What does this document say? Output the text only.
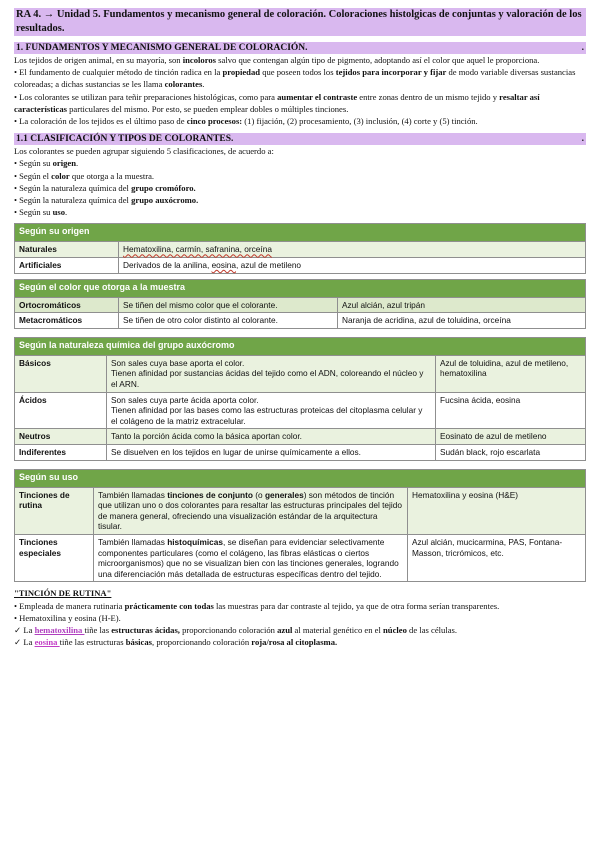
RA 4. → Unidad 5. Fundamentos y mecanismo general de coloración. Coloraciones histolgicas de conjuntas y valoración de los resultados.
1. FUNDAMENTOS Y MECANISMO GENERAL DE COLORACIÓN.	.
Los tejidos de origen animal, en su mayoría, son incoloros salvo que contengan algún tipo de pigmento, adoptando así el color que aquel le proporciona.
• El fundamento de cualquier método de tinción radica en la propiedad que poseen todos los tejidos para incorporar y fijar de modo variable diversas sustancias coloreadas; a dichas sustancias se les llama colorantes.
• Los colorantes se utilizan para teñir preparaciones histológicas, como para aumentar el contraste entre zonas dentro de un mismo tejido y resaltar así características particulares del mismo. Por esto, se pueden emplear dobles o múltiples tinciones.
• La coloración de los tejidos es el último paso de cinco procesos: (1) fijación, (2) procesamiento, (3) inclusión, (4) corte y (5) tinción.
1.1 CLASIFICACIÓN Y TIPOS DE COLORANTES.	.
Los colorantes se pueden agrupar siguiendo 5 clasificaciones, de acuerdo a:
• Según su origen.
• Según el color que otorga a la muestra.
• Según la naturaleza química del grupo cromóforo.
• Según la naturaleza química del grupo auxócromo.
• Según su uso.
Según su origen	
Naturales	Hematoxilina, carmín, safranina, orceína
Artificiales	Derivados de la anilina, eosina, azul de metileno
Según el color que otorga a la muestra		
Ortocromáticos	Se tiñen del mismo color que el colorante.	Azul alcián, azul tripán
Metacromáticos	Se tiñen de otro color distinto al colorante.	Naranja de acridina, azul de toluidina, orceína
Según la naturaleza química del grupo auxócromo		
Básicos	Son sales cuya base aporta el color.
Tienen afinidad por sustancias ácidas del tejido como el ADN, coloreando el núcleo y el ARN.	Azul de toluidina, azul de metileno, hematoxilina
Ácidos	Son sales cuya parte ácida aporta color.
Tienen afinidad por las bases como las estructuras proteicas del citoplasma celular y el colágeno de la matriz extracelular.	Fucsina ácida, eosina
Neutros	Tanto la porción ácida como la básica aportan color.	Eosinato de azul de metileno
Indiferentes	Se disuelven en los tejidos en lugar de unirse químicamente a ellos.	Sudán black, rojo escarlata
Según su uso		
Tinciones de rutina	También llamadas tinciones de conjunto (o generales) son métodos de tinción que utilizan uno o dos colorantes para resaltar las estructuras principales del tejido de manera general, ofreciendo una visualización estándar de la arquitectura tisular.	Hematoxilina y eosina (H&E)
Tinciones especiales	También llamadas histoquímicas, se diseñan para evidenciar selectivamente componentes particulares (como el colágeno, las fibras elásticas o ciertos microorganismos) que no se visualizan bien con las tinciones generales, logrando una diferenciación más detallada de estructuras específicas dentro del tejido.	Azul alcián, mucicarmina, PAS, Fontana-Masson, tricrómicos, etc.
"TINCIÓN DE RUTINA"
• Empleada de manera rutinaria prácticamente con todas las muestras para dar contraste al tejido, ya que de otra forma serían transparentes.
• Hematoxilina y eosina (H-E).
✓ La hematoxilina tiñe las estructuras ácidas, proporcionando coloración azul al material genético en el núcleo de las células.
✓ La eosina tiñe las estructuras básicas, proporcionando coloración roja/rosa al citoplasma.
